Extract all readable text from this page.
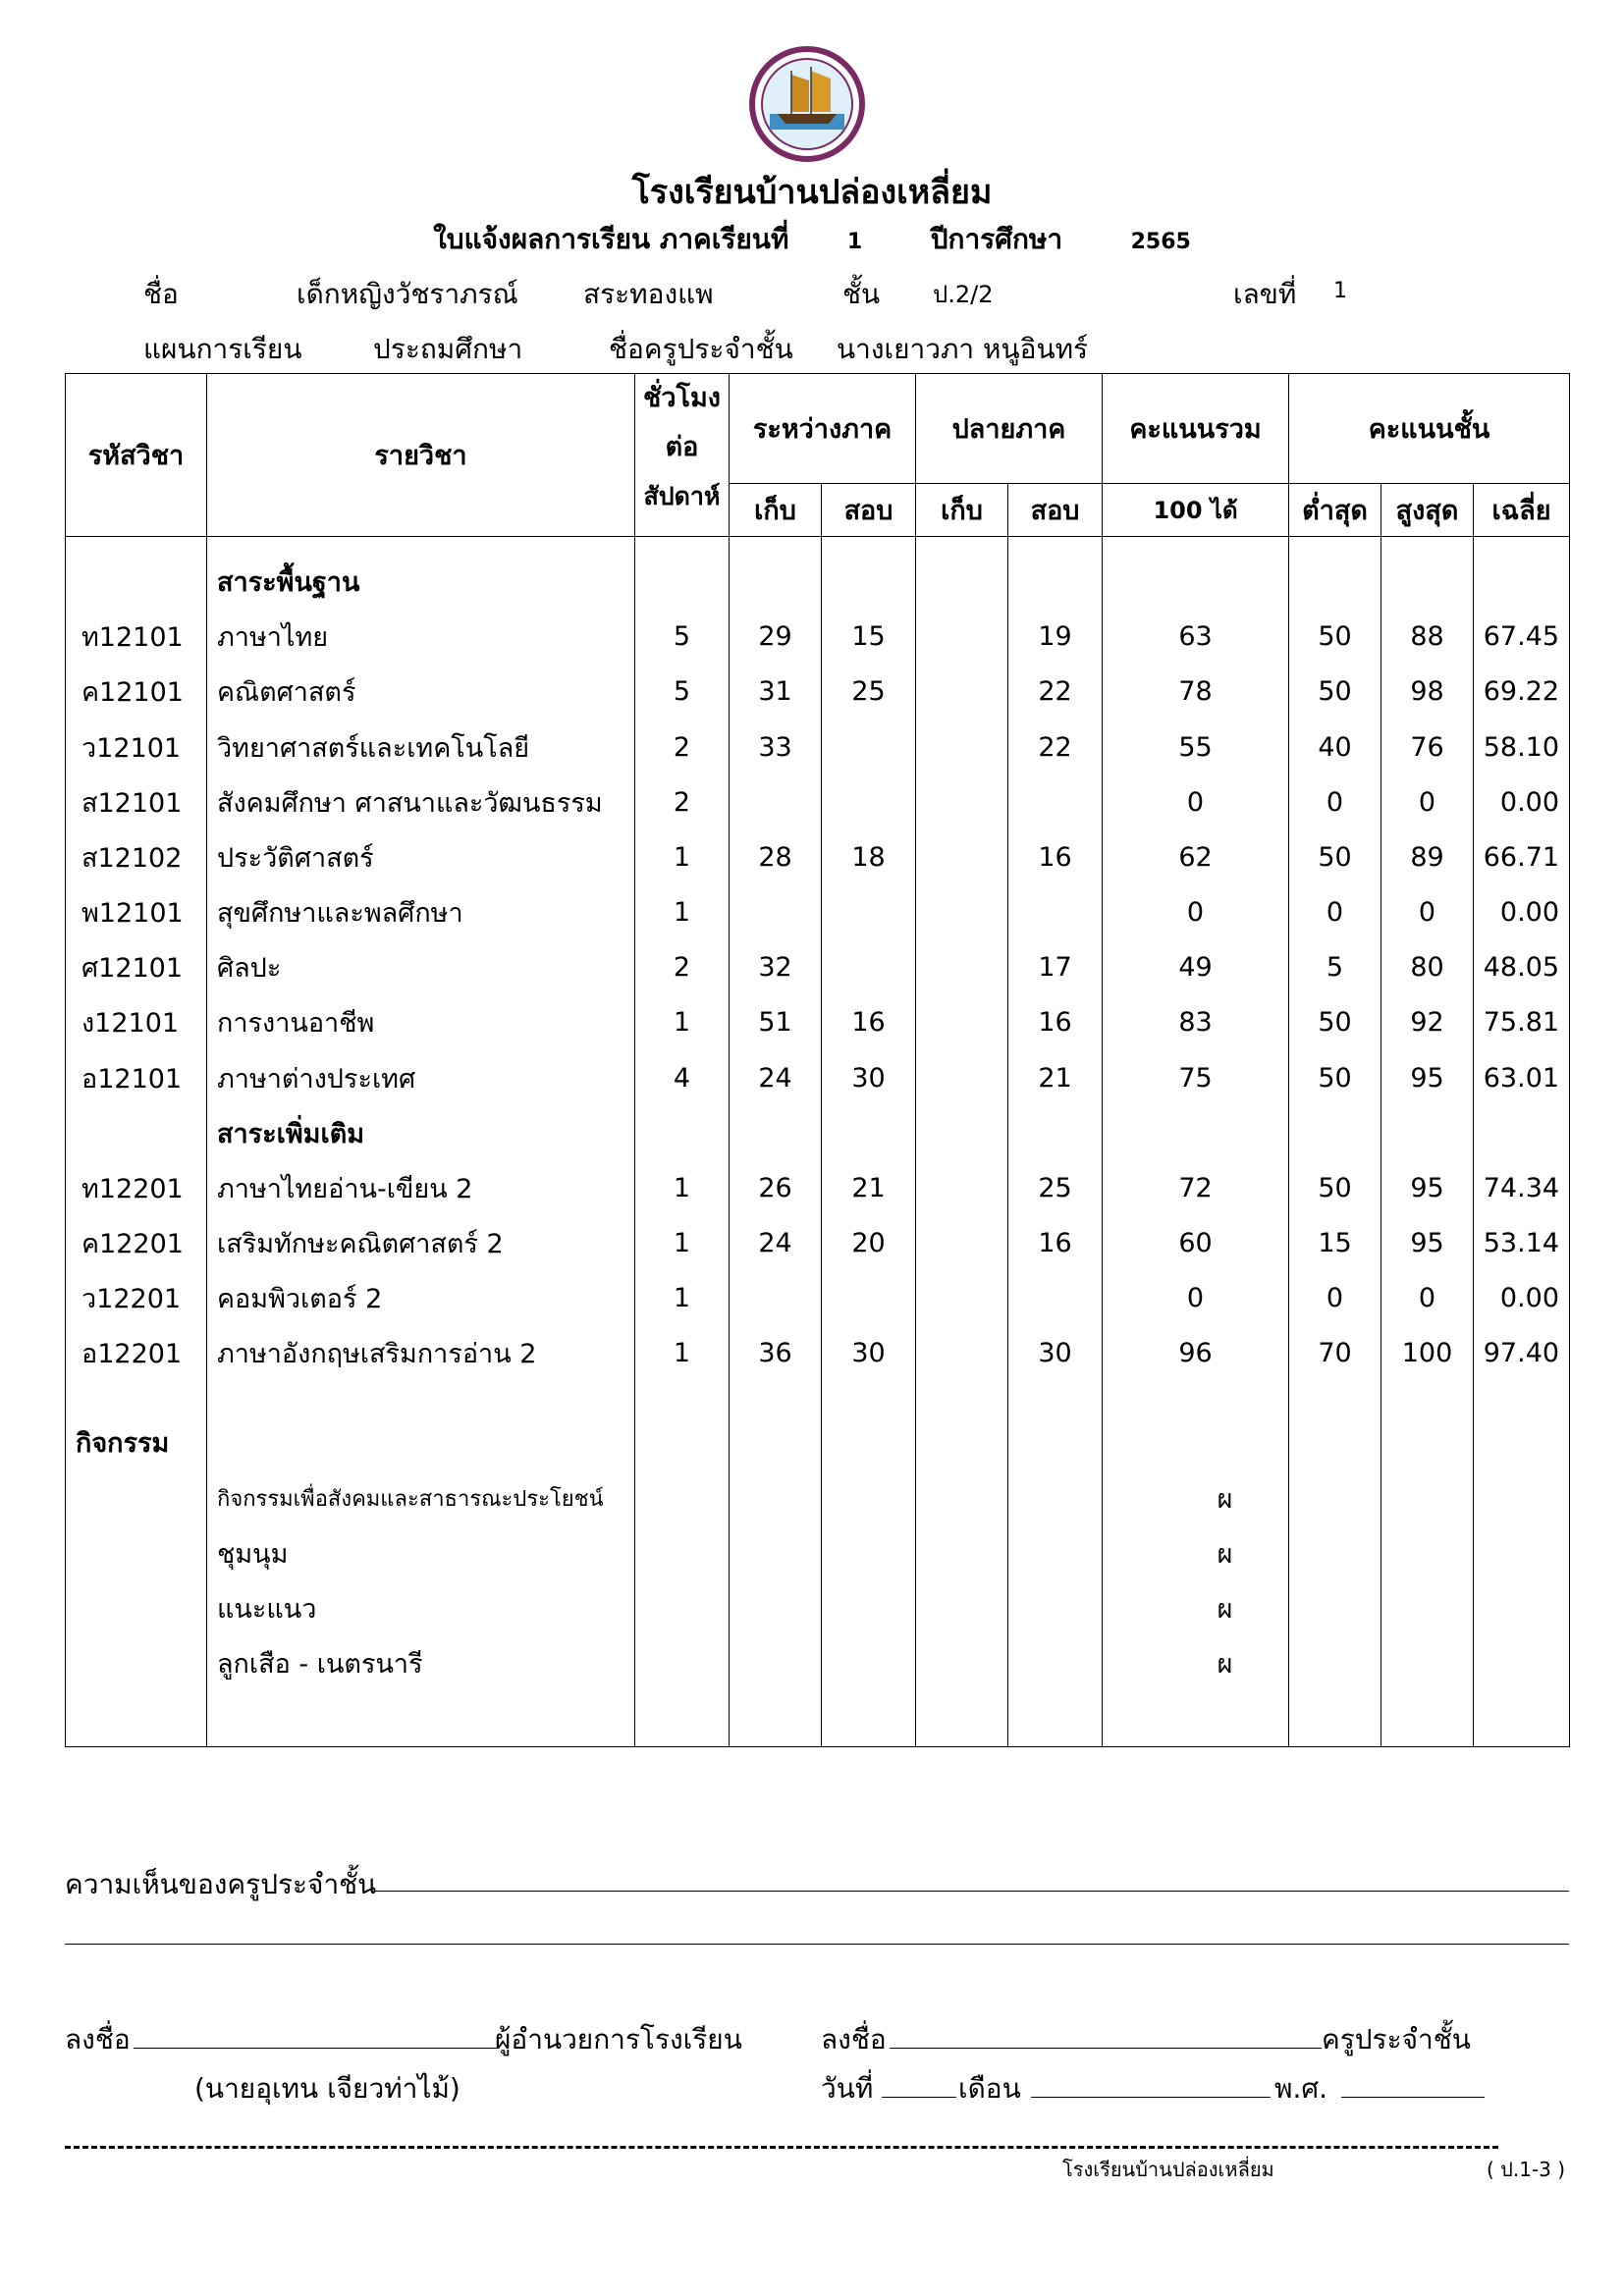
โรงเรียนบ้านปล่องเหลี่ยม
ใบแจ้งผลการเรียน ภาคเรียนที่	1 ปีการศึกษา	2565
ชื่อ	เด็กหญิงวัชราภรณ์ สระทองแพ	ชั้น ป.2/2	เลขที่ 1
แผนการเรียน	ประถมศึกษา	ชื่อครูประจำชั้น นางเยาวภา หนูอินทร์
รหัสวิชา	รายวิชา	ชั่วโมง
ต่อ
สัปดาห์	ระหว่างภาค		ปลายภาค		คะแนนรวม	คะแนนชั้น		
			เก็บ	สอบ	เก็บ	สอบ	100 ได้	ต่ำสุด	สูงสุด	เฉลี่ย

	สาระพื้นฐาน									
ท12101	ภาษาไทย	5	29	15		19	63	50	88	67.45
ค12101	คณิตศาสตร์	5	31	25		22	78	50	98	69.22
ว12101	วิทยาศาสตร์และเทคโนโลยี	2	33			22	55	40	76	58.10
ส12101	สังคมศึกษา ศาสนาและวัฒนธรรม	2					0	0	0	0.00
ส12102	ประวัติศาสตร์	1	28	18		16	62	50	89	66.71
พ12101	สุขศึกษาและพลศึกษา	1					0	0	0	0.00
ศ12101	ศิลปะ	2	32			17	49	5	80	48.05
ง12101	การงานอาชีพ	1	51	16		16	83	50	92	75.81
อ12101	ภาษาต่างประเทศ	4	24	30		21	75	50	95	63.01
	สาระเพิ่มเติม									
ท12201	ภาษาไทยอ่าน-เขียน 2	1	26	21		25	72	50	95	74.34
ค12201	เสริมทักษะคณิตศาสตร์ 2	1	24	20		16	60	15	95	53.14
ว12201	คอมพิวเตอร์ 2	1					0	0	0	0.00
อ12201	ภาษาอังกฤษเสริมการอ่าน 2	1	36	30		30	96	70	100	97.40

กิจกรรม										
	กิจกรรมเพื่อสังคมและสาธารณะประโยชน์						ผ			
	ชุมนุม						ผ			
	แนะแนว						ผ			
	ลูกเสือ - เนตรนารี						ผ			

ความเห็นของครูประจำชั้น
ลงชื่อ	ผู้อำนวยการโรงเรียน
(นายอุเทน เจียวท่าไม้)
ลงชื่อ	ครูประจำชั้น
วันที่	เดือน	พ.ศ.
โรงเรียนบ้านปล่องเหลี่ยม	( ป.1-3 )
